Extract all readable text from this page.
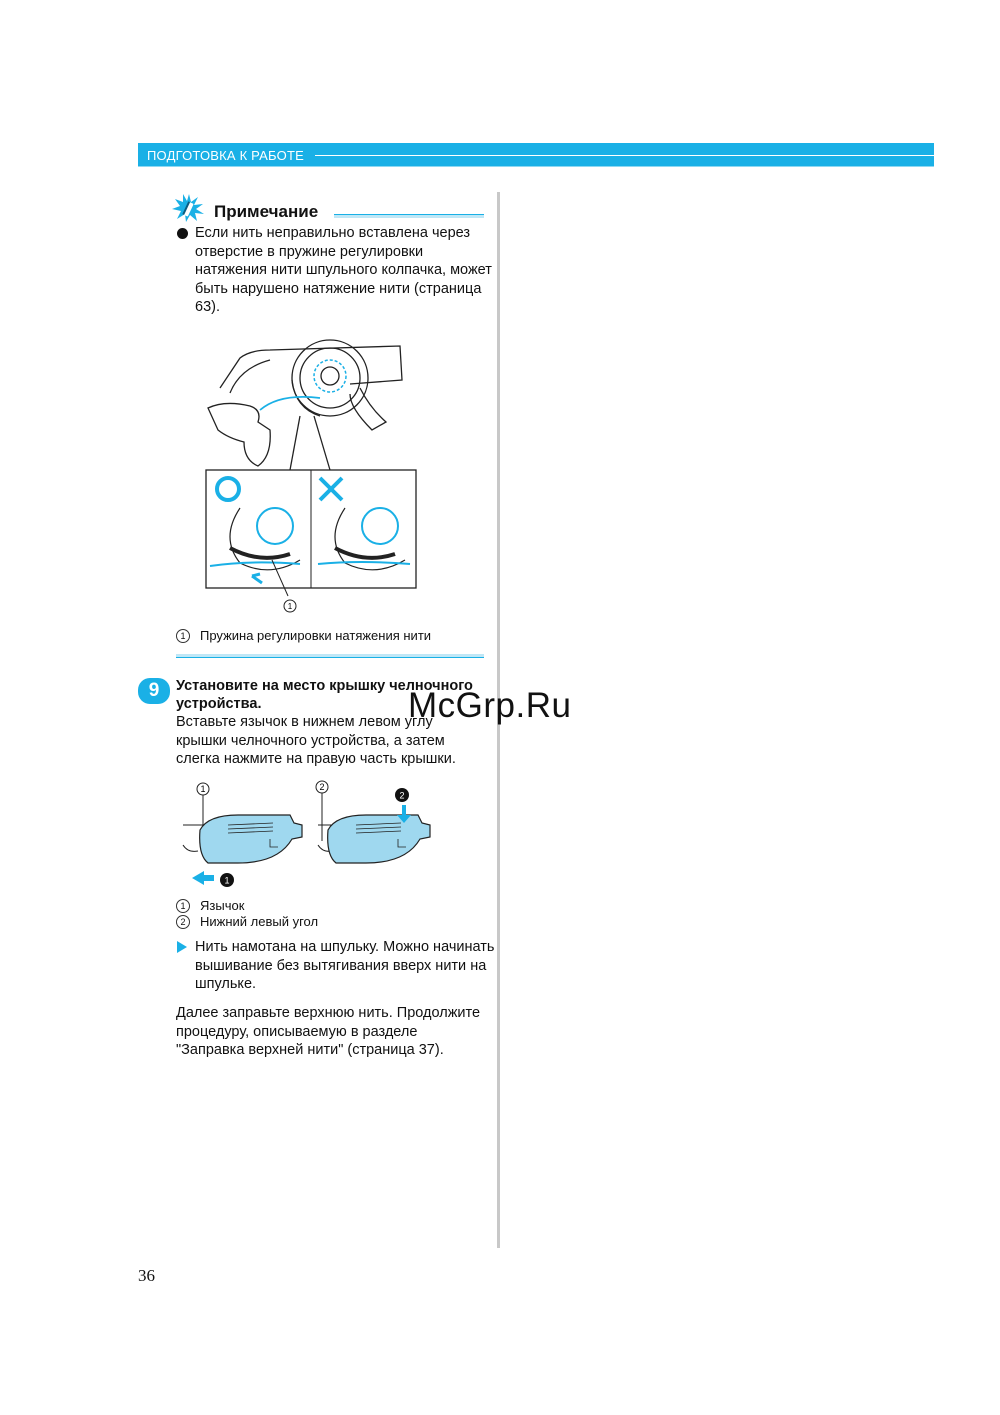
ПОДГОТОВКА К РАБОТЕ
Примечание
Если нить неправильно вставлена через отверстие в пружине регулировки натяжения нити шпульного колпачка, может быть нарушено натяжение нити (страница 63).
1
1 Пружина регулировки натяжения нити
9	Установите на место крышку челночного устройства.
Вставьте язычок в нижнем левом углу крышки челночного устройства, а затем слегка нажмите на правую часть крышки.
1	2
1
2
1 Язычок
2 Нижний левый угол
Нить намотана на шпульку. Можно начинать вышивание без вытягивания вверх нити на шпульке.
Далее заправьте верхнюю нить. Продолжите процедуру, описываемую в разделе "Заправка верхней нити" (страница 37).
36
McGrp.Ru
